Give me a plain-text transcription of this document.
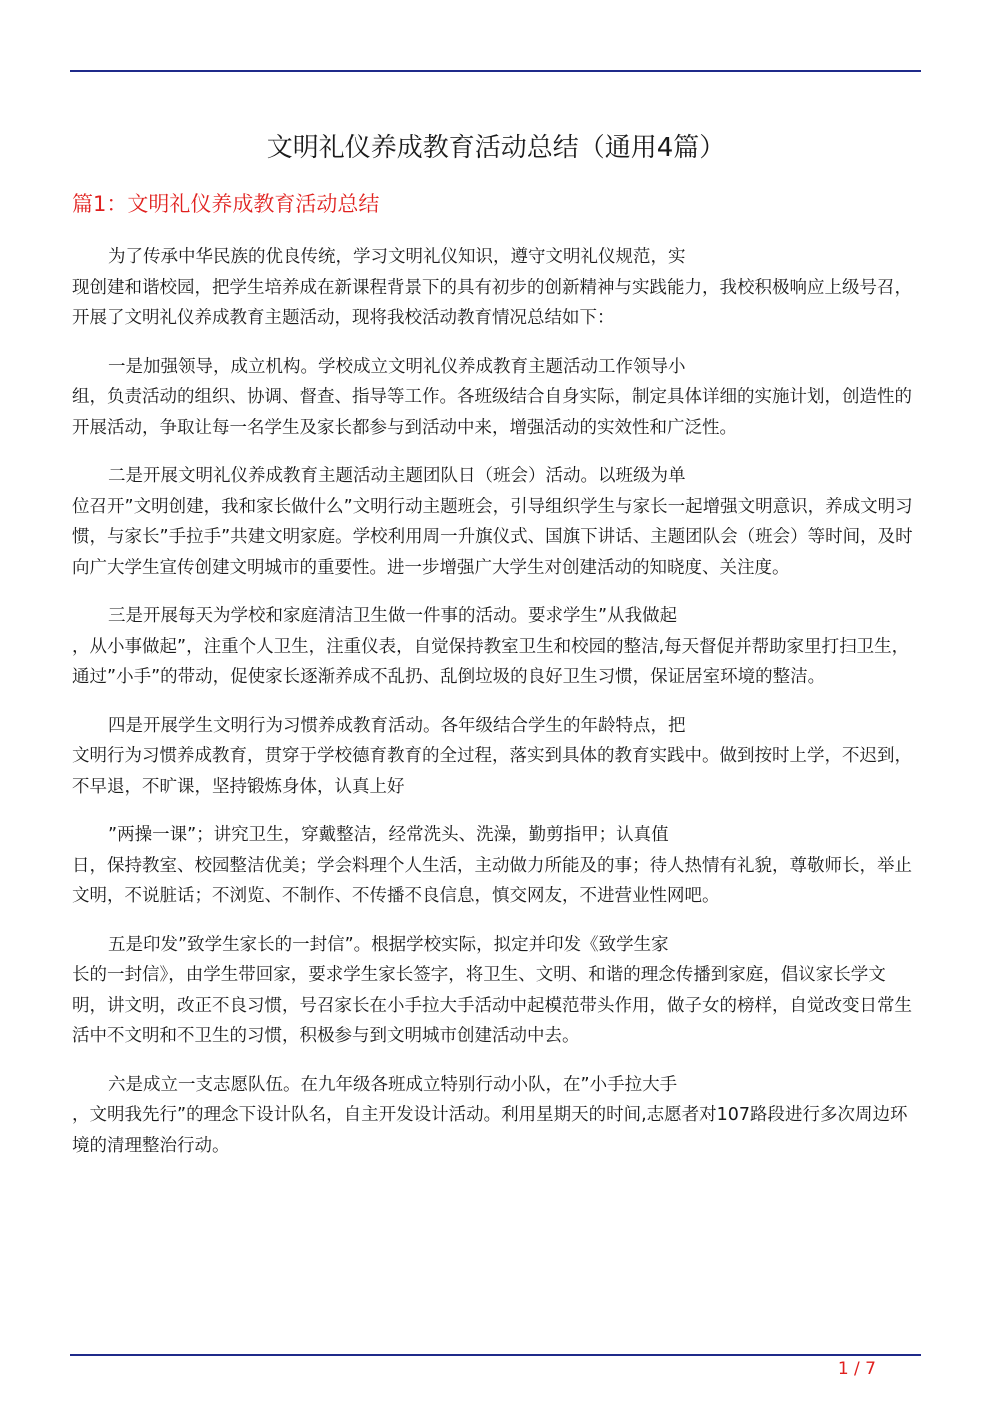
文明礼仪养成教育活动总结（通用4篇）
篇1：文明礼仪养成教育活动总结

为了传承中华民族的优良传统，学习文明礼仪知识，遵守文明礼仪规范，实
现创建和谐校园，把学生培养成在新课程背景下的具有初步的创新精神与实践能力，我校积极响应上级号召，开展了文明礼仪养成教育主题活动，现将我校活动教育情况总结如下：

一是加强领导，成立机构。学校成立文明礼仪养成教育主题活动工作领导小
组，负责活动的组织、协调、督查、指导等工作。各班级结合自身实际，制定具体详细的实施计划，创造性的开展活动，争取让每一名学生及家长都参与到活动中来，增强活动的实效性和广泛性。

二是开展文明礼仪养成教育主题活动主题团队日（班会）活动。以班级为单
位召开”文明创建，我和家长做什么”文明行动主题班会，引导组织学生与家长一起增强文明意识，养成文明习惯，与家长”手拉手”共建文明家庭。学校利用周一升旗仪式、国旗下讲话、主题团队会（班会）等时间，及时向广大学生宣传创建文明城市的重要性。进一步增强广大学生对创建活动的知晓度、关注度。

三是开展每天为学校和家庭清洁卫生做一件事的活动。要求学生”从我做起
，从小事做起”，注重个人卫生，注重仪表，自觉保持教室卫生和校园的整洁,每天督促并帮助家里打扫卫生，通过”小手”的带动，促使家长逐渐养成不乱扔、乱倒垃圾的良好卫生习惯，保证居室环境的整洁。

四是开展学生文明行为习惯养成教育活动。各年级结合学生的年龄特点，把
文明行为习惯养成教育，贯穿于学校德育教育的全过程，落实到具体的教育实践中。做到按时上学，不迟到，不早退，不旷课，坚持锻炼身体，认真上好

”两操一课”；讲究卫生，穿戴整洁，经常洗头、洗澡，勤剪指甲；认真值
日，保持教室、校园整洁优美；学会料理个人生活，主动做力所能及的事；待人热情有礼貌，尊敬师长，举止文明，不说脏话；不浏览、不制作、不传播不良信息，慎交网友，不进营业性网吧。

五是印发”致学生家长的一封信”。根据学校实际，拟定并印发《致学生家
长的一封信》，由学生带回家，要求学生家长签字，将卫生、文明、和谐的理念传播到家庭，倡议家长学文明，讲文明，改正不良习惯，号召家长在小手拉大手活动中起模范带头作用，做子女的榜样，自觉改变日常生活中不文明和不卫生的习惯，积极参与到文明城市创建活动中去。

六是成立一支志愿队伍。在九年级各班成立特别行动小队，在”小手拉大手
，文明我先行”的理念下设计队名，自主开发设计活动。利用星期天的时间,志愿者对107路段进行多次周边环境的清理整治行动。

1 / 7
